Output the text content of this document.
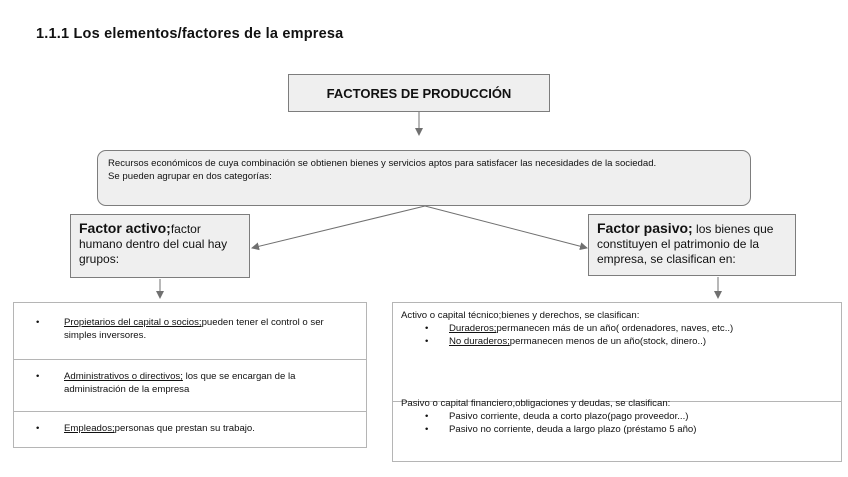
1.1.1 Los elementos/factores de la empresa
FACTORES DE PRODUCCIÓN
Recursos económicos de cuya combinación se obtienen bienes y servicios aptos para satisfacer las necesidades de la sociedad.
Se pueden agrupar en dos categorías:
Factor activo;factor humano dentro del cual hay grupos:
Factor pasivo; los bienes que constituyen el patrimonio de la empresa, se clasifican en:
•	Propietarios del capital o socios;pueden tener el control o ser simples inversores.
•	Administrativos o directivos; los que se encargan de la administración de la empresa
•	Empleados;personas que prestan su trabajo.
Activo o capital técnico;bienes y derechos, se clasifican:
• Duraderos;permanecen más de un año( ordenadores, naves, etc..)
• No duraderos;permanecen menos de un año(stock, dinero..)
Pasivo o capital financiero,obligaciones y deudas, se clasifican:
• Pasivo corriente, deuda a corto plazo(pago proveedor...)
• Pasivo no corriente, deuda a largo plazo (préstamo 5 año)
